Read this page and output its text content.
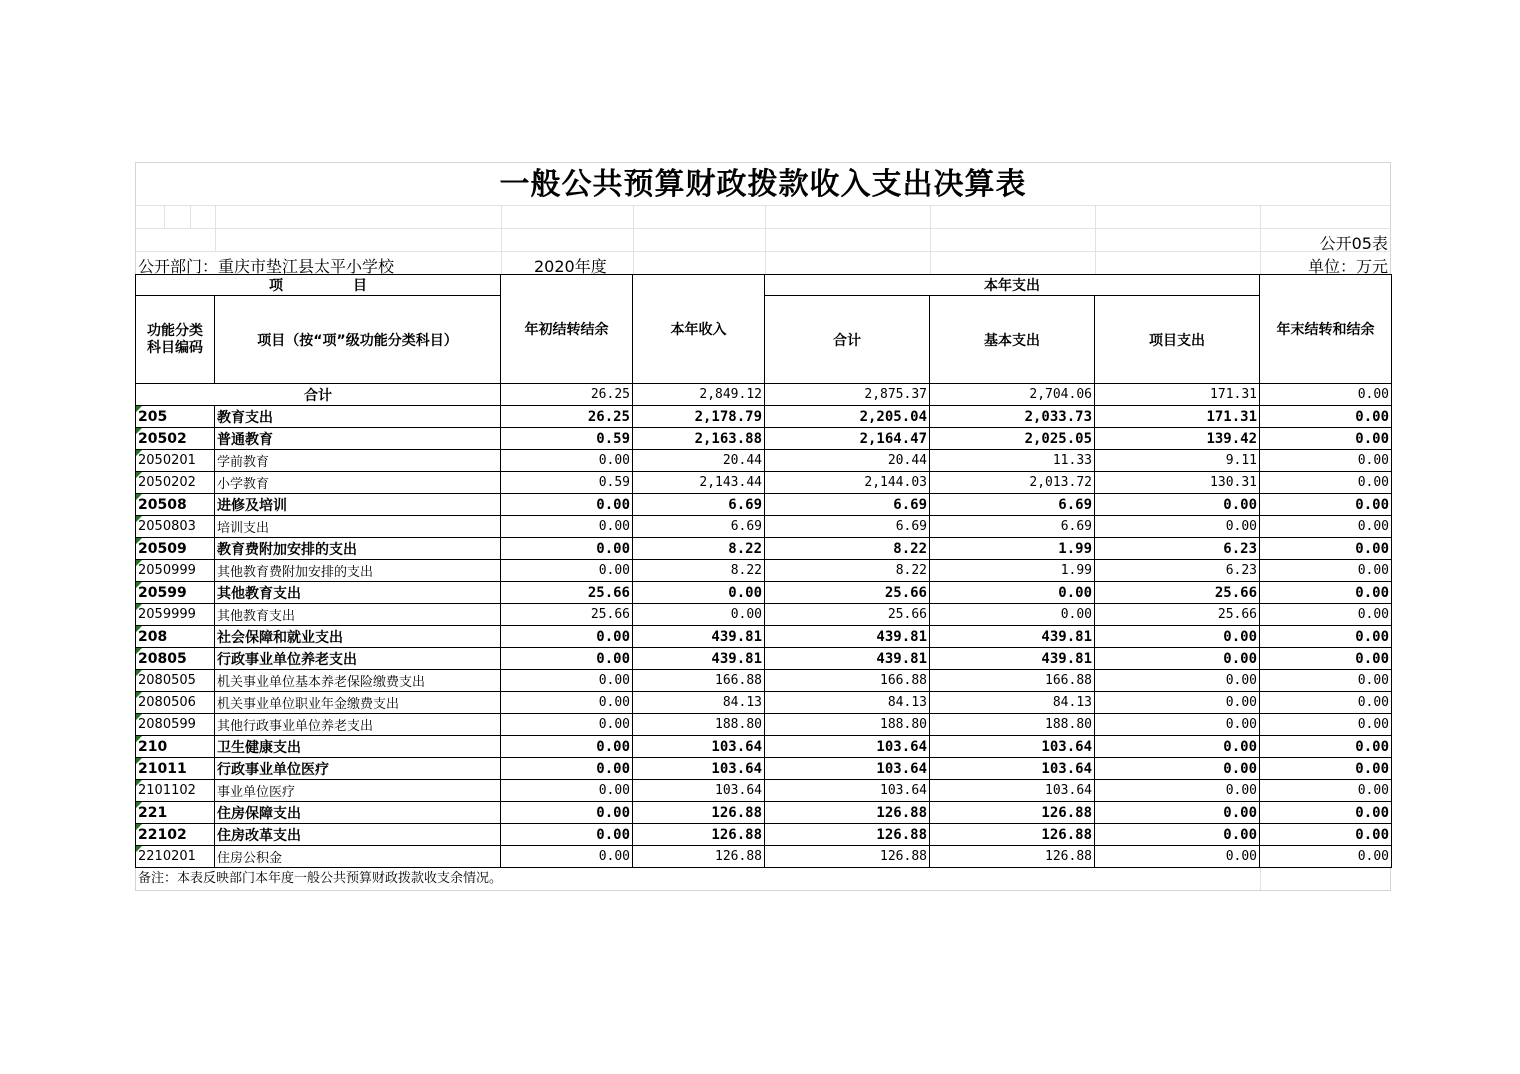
一般公共预算财政拨款收入支出决算表
公开05表
公开部门：重庆市垫江县太平小学校	2020年度	单位：万元
项　　　　　目		年初结转结余	本年收入	本年支出			年末结转和结余
功能分类科目编码	项目（按“项”级功能分类科目）			合计	基本支出	项目支出	
合计		26.25	2,849.12	2,875.37	2,704.06	171.31	0.00
205	教育支出	26.25	2,178.79	2,205.04	2,033.73	171.31	0.00
20502	普通教育	0.59	2,163.88	2,164.47	2,025.05	139.42	0.00
2050201	学前教育	0.00	20.44	20.44	11.33	9.11	0.00
2050202	小学教育	0.59	2,143.44	2,144.03	2,013.72	130.31	0.00
20508	进修及培训	0.00	6.69	6.69	6.69	0.00	0.00
2050803	培训支出	0.00	6.69	6.69	6.69	0.00	0.00
20509	教育费附加安排的支出	0.00	8.22	8.22	1.99	6.23	0.00
2050999	其他教育费附加安排的支出	0.00	8.22	8.22	1.99	6.23	0.00
20599	其他教育支出	25.66	0.00	25.66	0.00	25.66	0.00
2059999	其他教育支出	25.66	0.00	25.66	0.00	25.66	0.00
208	社会保障和就业支出	0.00	439.81	439.81	439.81	0.00	0.00
20805	行政事业单位养老支出	0.00	439.81	439.81	439.81	0.00	0.00
2080505	机关事业单位基本养老保险缴费支出	0.00	166.88	166.88	166.88	0.00	0.00
2080506	机关事业单位职业年金缴费支出	0.00	84.13	84.13	84.13	0.00	0.00
2080599	其他行政事业单位养老支出	0.00	188.80	188.80	188.80	0.00	0.00
210	卫生健康支出	0.00	103.64	103.64	103.64	0.00	0.00
21011	行政事业单位医疗	0.00	103.64	103.64	103.64	0.00	0.00
2101102	事业单位医疗	0.00	103.64	103.64	103.64	0.00	0.00
221	住房保障支出	0.00	126.88	126.88	126.88	0.00	0.00
22102	住房改革支出	0.00	126.88	126.88	126.88	0.00	0.00
2210201	住房公积金	0.00	126.88	126.88	126.88	0.00	0.00
备注：本表反映部门本年度一般公共预算财政拨款收支余情况。
